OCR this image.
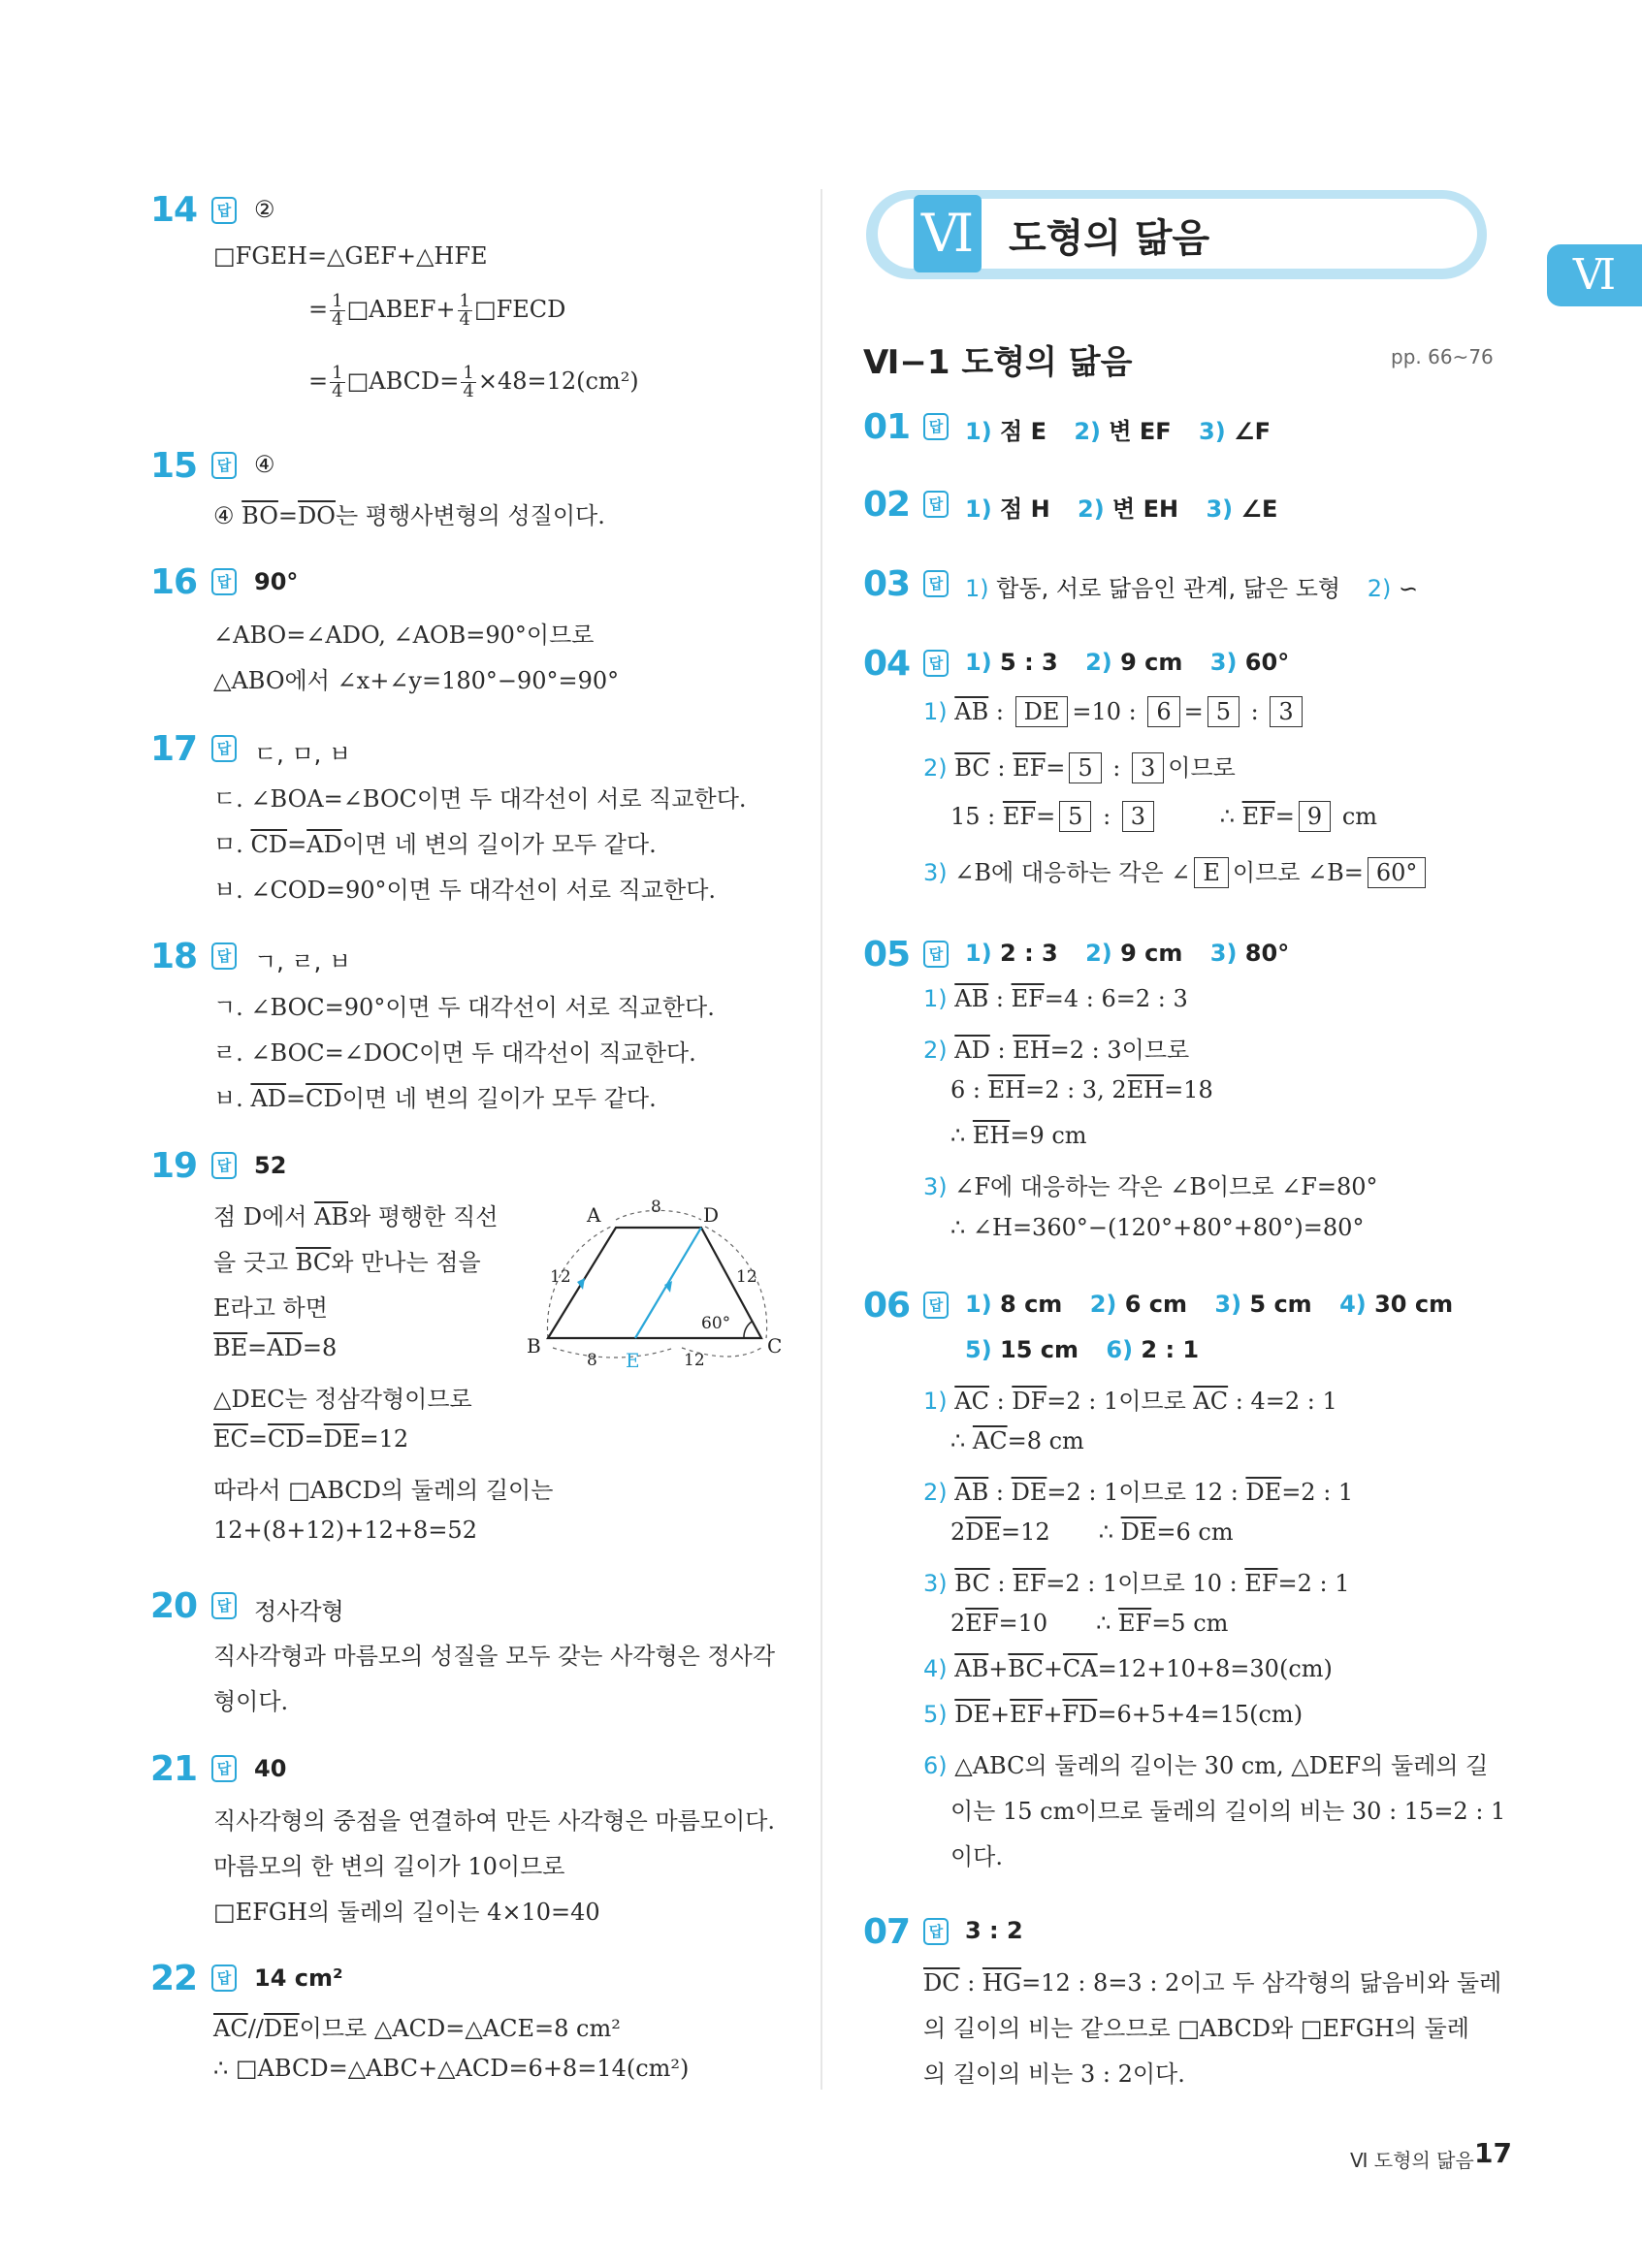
14	답 ②
□FGEH=△GEF+△HFE
= $\frac{1}{4}$ □ABEF+ $\frac{1}{4}$ □FECD
= $\frac{1}{4}$ □ABCD= $\frac{1}{4} \times 48=12(cm^2)$
15	답 ④
④ $\overline{BO}=\overline{DO}$는 평행사변형의 성질이다.
16	답 90°
∠ABO=∠ADO, ∠AOB=90°이므로
△ABO에서 ∠x+∠y=180°−90°=90°
17	답 ㄷ, ㅁ, ㅂ
ㄷ. ∠BOA=∠BOC이면 두 대각선이 서로 직교한다.
ㅁ. $\overline{CD}=\overline{AD}$이면 네 변의 길이가 모두 같다.
ㅂ. ∠COD=90°이면 두 대각선이 서로 직교한다.
18	답 ㄱ, ㄹ, ㅂ
ㄱ. ∠BOC=90°이면 두 대각선이 서로 직교한다.
ㄹ. ∠BOC=∠DOC이면 두 대각선이 직교한다.
ㅂ. $\overline{AD}=\overline{CD}$이면 네 변의 길이가 모두 같다.
19	답 52
점 D에서 $\overline{AB}$와 평행한 직선
을 긋고 $\overline{BC}$와 만나는 점을
E라고 하면
$\overline{BE}=\overline{AD}=8$
△DEC는 정삼각형이므로
$\overline{EC}=\overline{CD}=\overline{DE}=12$
따라서 □ABCD의 둘레의 길이는
12+(8+12)+12+8=52
A	D
B	C
E
8
12	12
8	12
60°
20	답 정사각형
직사각형과 마름모의 성질을 모두 갖는 사각형은 정사각
형이다.
21	답 40
직사각형의 중점을 연결하여 만든 사각형은 마름모이다.
마름모의 한 변의 길이가 10이므로
□EFGH의 둘레의 길이는 4×10=40
22	답 14 cm²
$\overline{AC}//\overline{DE}$이므로 △ACD=△ACE=8 cm²
∴ □ABCD=△ABC+△ACD=6+8=14(cm²)
Ⅵ 도형의 닮음
Ⅵ
Ⅵ−1 도형의 닮음	pp. 66~76
01	답 1) 점 E 2) 변 EF 3) ∠F
02	답 1) 점 H 2) 변 EH 3) ∠E
03	답 1) 합동, 서로 닮음인 관계, 닮은 도형 2) ∽
04	답 1) 5 : 3 2) 9 cm 3) 60°
1) $\overline{AB}$ : DE =10 : 6 = 5 : 3
2) $\overline{BC}$ : $\overline{EF}= 5$ : 3 이므로
15 : $\overline{EF}= 5$ : 3	∴ $\overline{EF}= 9$ cm
3) ∠B에 대응하는 각은 ∠ E 이므로 ∠B= 60°
05	답 1) 2 : 3 2) 9 cm 3) 80°
1) $\overline{AB}$ : $\overline{EF}=4$ : 6=2 : 3
2) $\overline{AD}$ : $\overline{EH}=2$ : 3이므로
6 : $\overline{EH}=2$ : 3, $2\overline{EH}=18$
∴ $\overline{EH}=9$ cm
3) ∠F에 대응하는 각은 ∠B이므로 ∠F=80°
∴ ∠H=360°−(120°+80°+80°)=80°
06	답 1) 8 cm 2) 6 cm 3) 5 cm 4) 30 cm
5) 15 cm 6) 2 : 1
1) $\overline{AC}$ : $\overline{DF}=2$ : 1이므로 $\overline{AC}$ : 4=2 : 1
∴ $\overline{AC}=8$ cm
2) $\overline{AB}$ : $\overline{DE}=2$ : 1이므로 12 : $\overline{DE}=2$ : 1
$2\overline{DE}=12$ ∴ $\overline{DE}=6$ cm
3) $\overline{BC}$ : $\overline{EF}=2$ : 1이므로 10 : $\overline{EF}=2$ : 1
$2\overline{EF}=10$ ∴ $\overline{EF}=5$ cm
4) $\overline{AB}+\overline{BC}+\overline{CA}=12+10+8=30(cm)$
5) $\overline{DE}+\overline{EF}+\overline{FD}=6+5+4=15(cm)$
6) △ABC의 둘레의 길이는 30 cm, △DEF의 둘레의 길
이는 15 cm이므로 둘레의 길이의 비는 30 : 15=2 : 1
이다.
07	답 3 : 2
$\overline{DC}$ : $\overline{HG}=12$ : 8=3 : 2이고 두 삼각형의 닮음비와 둘레
의 길이의 비는 같으므로 □ABCD와 □EFGH의 둘레
의 길이의 비는 3 : 2이다.
Ⅵ 도형의 닮음 17
